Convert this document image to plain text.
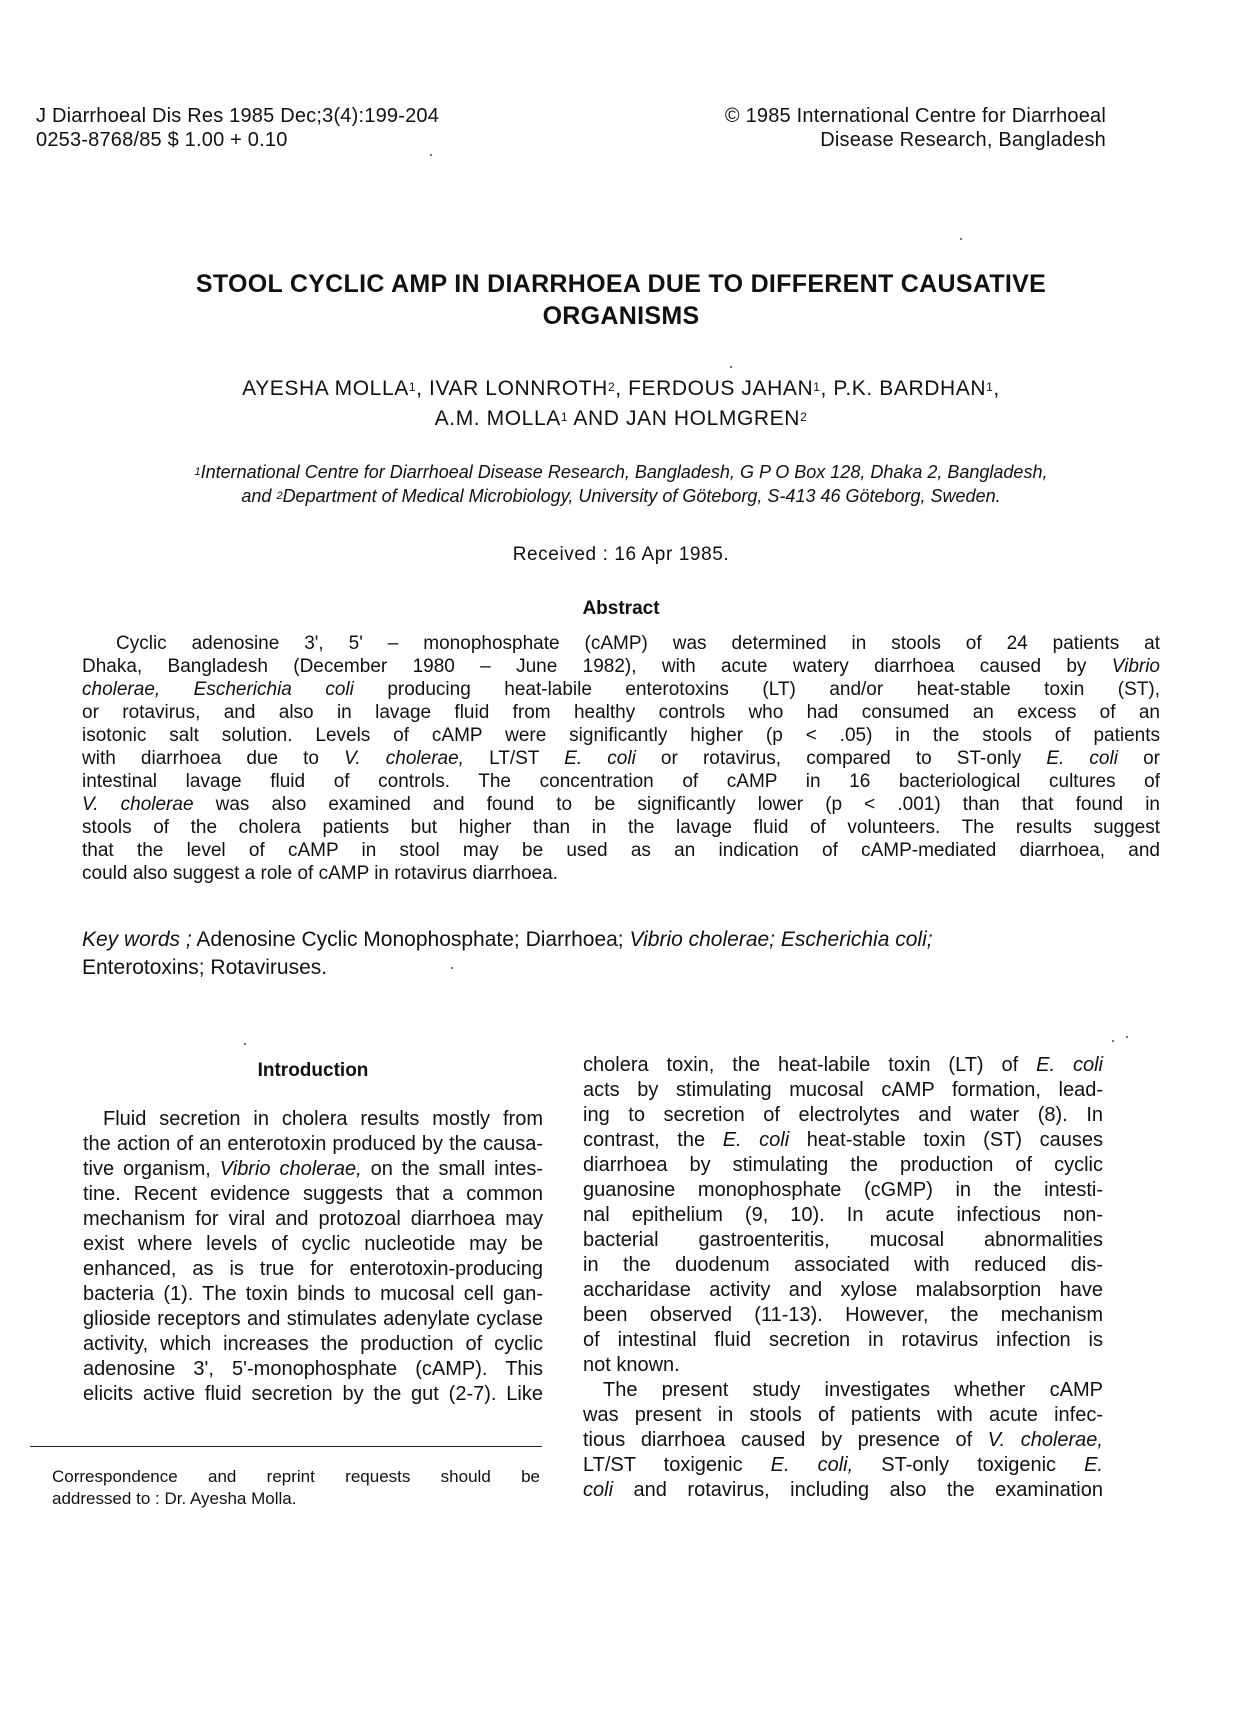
J Diarrhoeal Dis Res 1985 Dec;3(4):199-204
0253-8768/85 $ 1.00 + 0.10
© 1985 International Centre for Diarrhoeal
Disease Research, Bangladesh
STOOL CYCLIC AMP IN DIARRHOEA DUE TO DIFFERENT CAUSATIVE
ORGANISMS
AYESHA MOLLA$^1$, IVAR LONNROTH$^2$, FERDOUS JAHAN$^1$, P.K. BARDHAN$^1$,
A.M. MOLLA$^1$ AND JAN HOLMGREN$^2$
$^1$International Centre for Diarrhoeal Disease Research, Bangladesh, G P O Box 128, Dhaka 2, Bangladesh,
and $^2$Department of Medical Microbiology, University of Göteborg, S-413 46 Göteborg, Sweden.
Received : 16 Apr 1985.
Abstract
Cyclic adenosine 3', 5' – monophosphate (cAMP) was determined in stools of 24 patients at
Dhaka, Bangladesh (December 1980 – June 1982), with acute watery diarrhoea caused by Vibrio
cholerae, Escherichia coli producing heat-labile enterotoxins (LT) and/or heat-stable toxin (ST),
or rotavirus, and also in lavage fluid from healthy controls who had consumed an excess of an
isotonic salt solution. Levels of cAMP were significantly higher (p < .05) in the stools of patients
with diarrhoea due to V. cholerae, LT/ST E. coli or rotavirus, compared to ST-only E. coli or
intestinal lavage fluid of controls. The concentration of cAMP in 16 bacteriological cultures of
V. cholerae was also examined and found to be significantly lower (p < .001) than that found in
stools of the cholera patients but higher than in the lavage fluid of volunteers. The results suggest
that the level of cAMP in stool may be used as an indication of cAMP-mediated diarrhoea, and
could also suggest a role of cAMP in rotavirus diarrhoea.
Key words ; Adenosine Cyclic Monophosphate; Diarrhoea; Vibrio cholerae; Escherichia coli;
Enterotoxins; Rotaviruses.
Introduction
Fluid secretion in cholera results mostly from
the action of an enterotoxin produced by the causa-
tive organism, Vibrio cholerae, on the small intes-
tine. Recent evidence suggests that a common
mechanism for viral and protozoal diarrhoea may
exist where levels of cyclic nucleotide may be
enhanced, as is true for enterotoxin-producing
bacteria (1). The toxin binds to mucosal cell gan-
glioside receptors and stimulates adenylate cyclase
activity, which increases the production of cyclic
adenosine 3', 5'-monophosphate (cAMP). This
elicits active fluid secretion by the gut (2-7). Like
cholera toxin, the heat-labile toxin (LT) of E. coli
acts by stimulating mucosal cAMP formation, lead-
ing to secretion of electrolytes and water (8). In
contrast, the E. coli heat-stable toxin (ST) causes
diarrhoea by stimulating the production of cyclic
guanosine monophosphate (cGMP) in the intesti-
nal epithelium (9, 10). In acute infectious non-
bacterial gastroenteritis, mucosal abnormalities
in the duodenum associated with reduced dis-
accharidase activity and xylose malabsorption have
been observed (11-13). However, the mechanism
of intestinal fluid secretion in rotavirus infection is
not known.
The present study investigates whether cAMP
was present in stools of patients with acute infec-
tious diarrhoea caused by presence of V. cholerae,
LT/ST toxigenic E. coli, ST-only toxigenic E.
coli and rotavirus, including also the examination
Correspondence and reprint requests should be
addressed to : Dr. Ayesha Molla.
